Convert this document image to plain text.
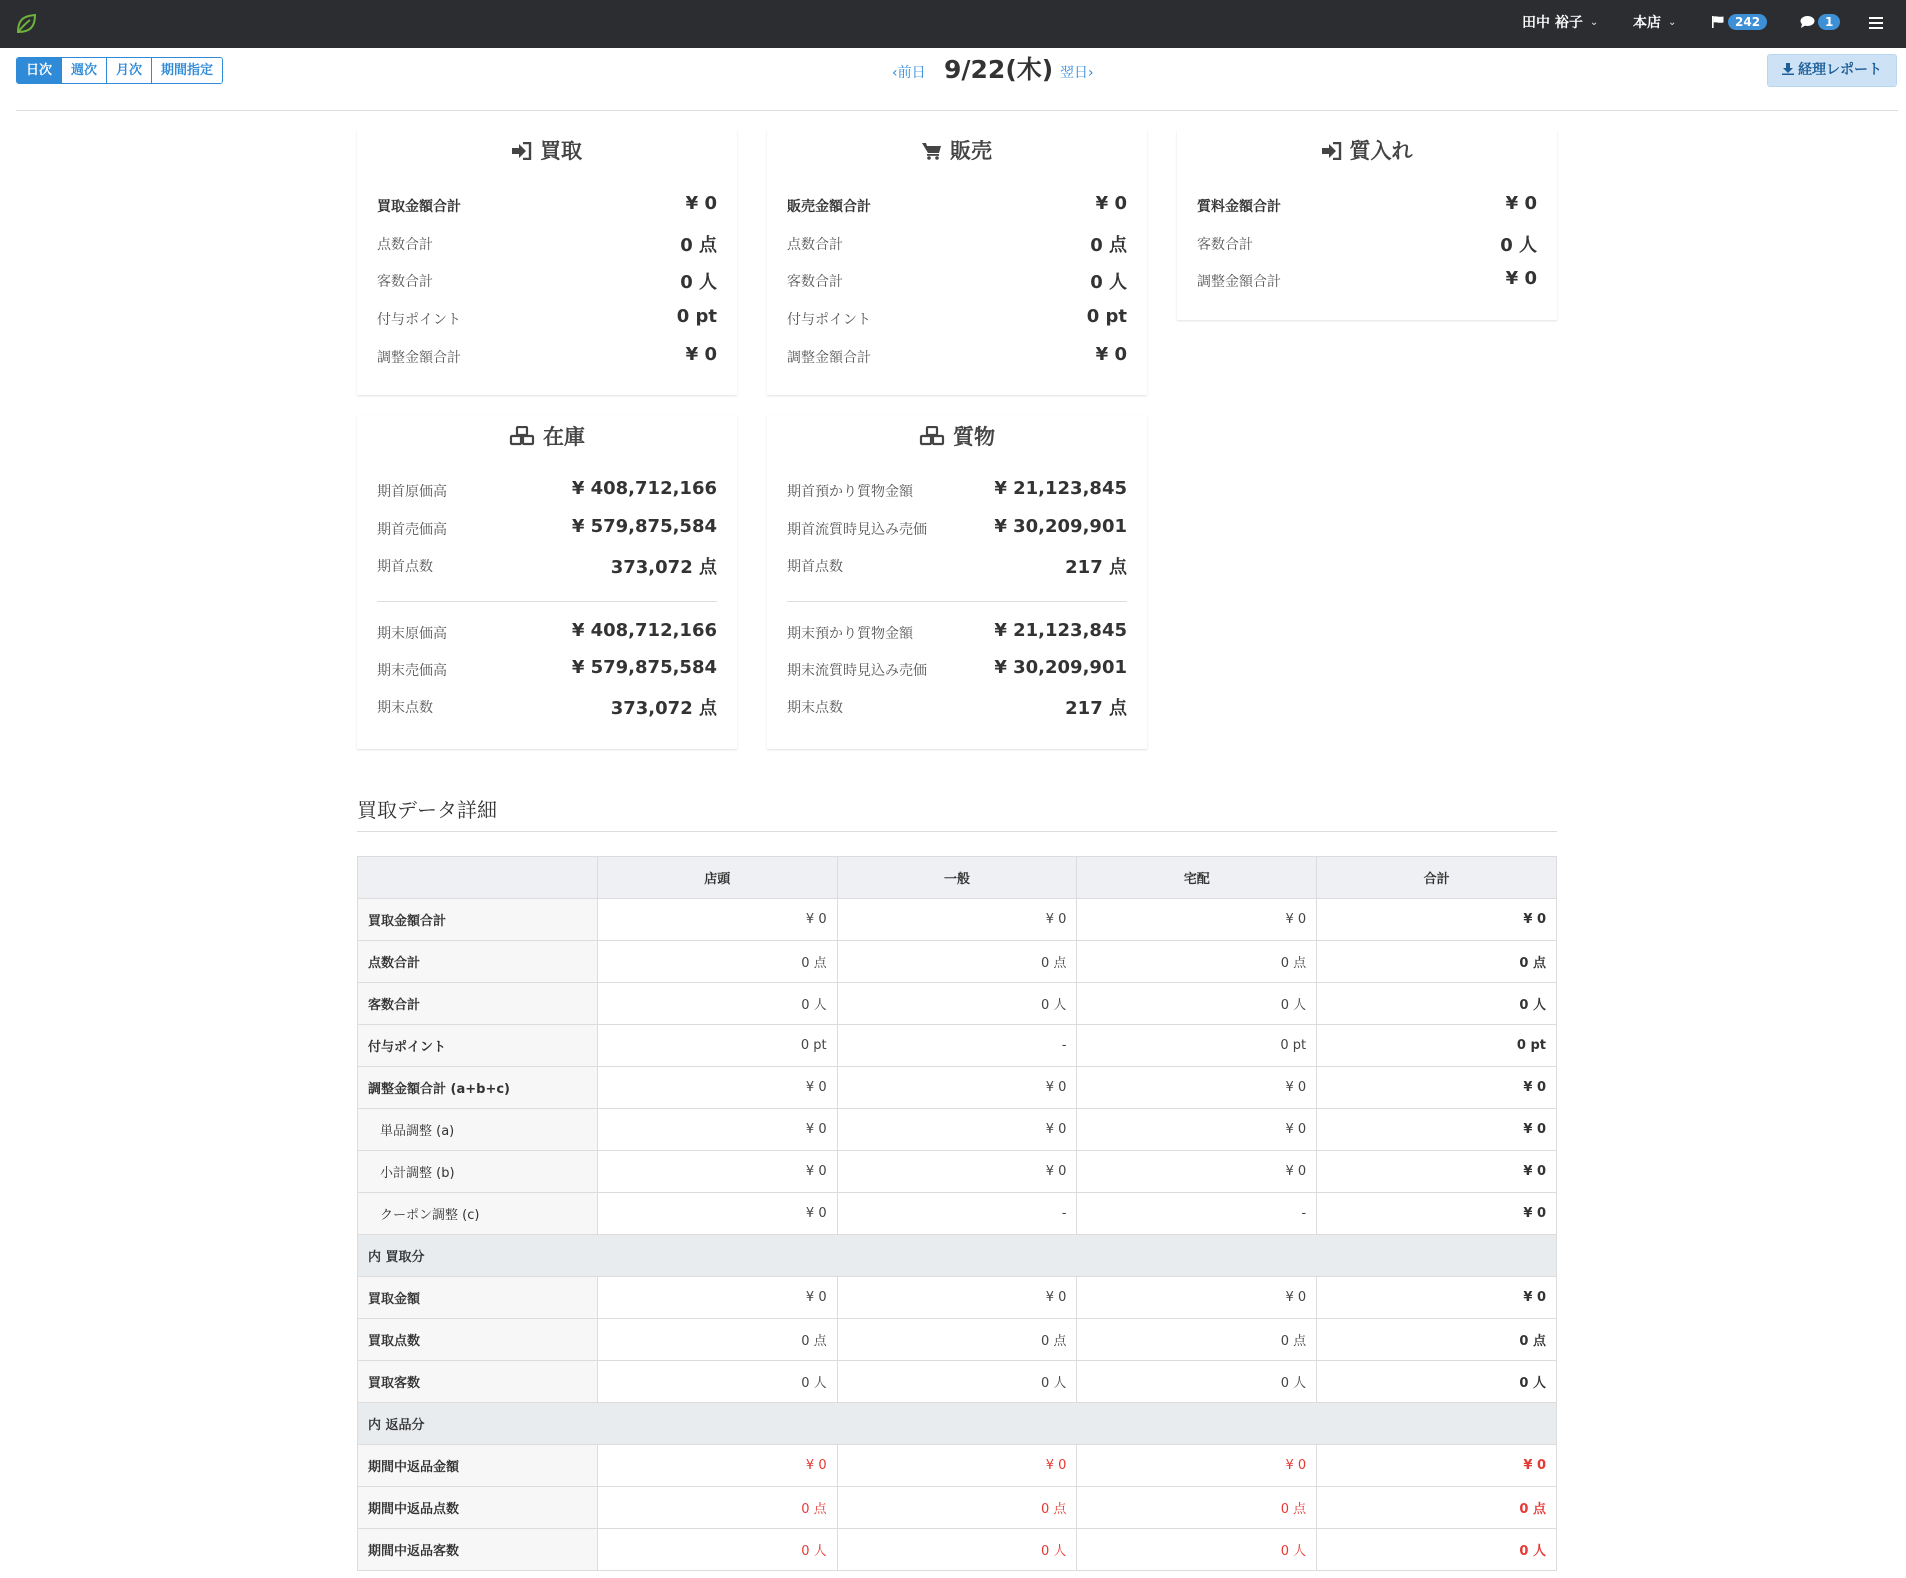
田中 裕子 ⌄ 本店 ⌄	242	1
日次	週次	月次	期間指定	‹前日 9/22(木) 翌日›	経理レポート
買取
買取金額合計	¥ 0
点数合計	0 点
客数合計	0 人
付与ポイント	0 pt
調整金額合計	¥ 0
販売
販売金額合計	¥ 0
点数合計	0 点
客数合計	0 人
付与ポイント	0 pt
調整金額合計	¥ 0
質入れ
質料金額合計	¥ 0
客数合計	0 人
調整金額合計	¥ 0
在庫
期首原価高	¥ 408,712,166
期首売価高	¥ 579,875,584
期首点数	373,072 点
期末原価高	¥ 408,712,166
期末売価高	¥ 579,875,584
期末点数	373,072 点
質物
期首預かり質物金額	¥ 21,123,845
期首流質時見込み売価	¥ 30,209,901
期首点数	217 点
期末預かり質物金額	¥ 21,123,845
期末流質時見込み売価	¥ 30,209,901
期末点数	217 点
買取データ詳細
	店頭	一般	宅配	合計
買取金額合計	¥ 0	¥ 0	¥ 0	¥ 0
点数合計	0 点	0 点	0 点	0 点
客数合計	0 人	0 人	0 人	0 人
付与ポイント	0 pt	-	0 pt	0 pt
調整金額合計 (a+b+c)	¥ 0	¥ 0	¥ 0	¥ 0
単品調整 (a)	¥ 0	¥ 0	¥ 0	¥ 0
小計調整 (b)	¥ 0	¥ 0	¥ 0	¥ 0
クーポン調整 (c)	¥ 0	-	-	¥ 0
内 買取分				
買取金額	¥ 0	¥ 0	¥ 0	¥ 0
買取点数	0 点	0 点	0 点	0 点
買取客数	0 人	0 人	0 人	0 人
内 返品分				
期間中返品金額	¥ 0	¥ 0	¥ 0	¥ 0
期間中返品点数	0 点	0 点	0 点	0 点
期間中返品客数	0 人	0 人	0 人	0 人
